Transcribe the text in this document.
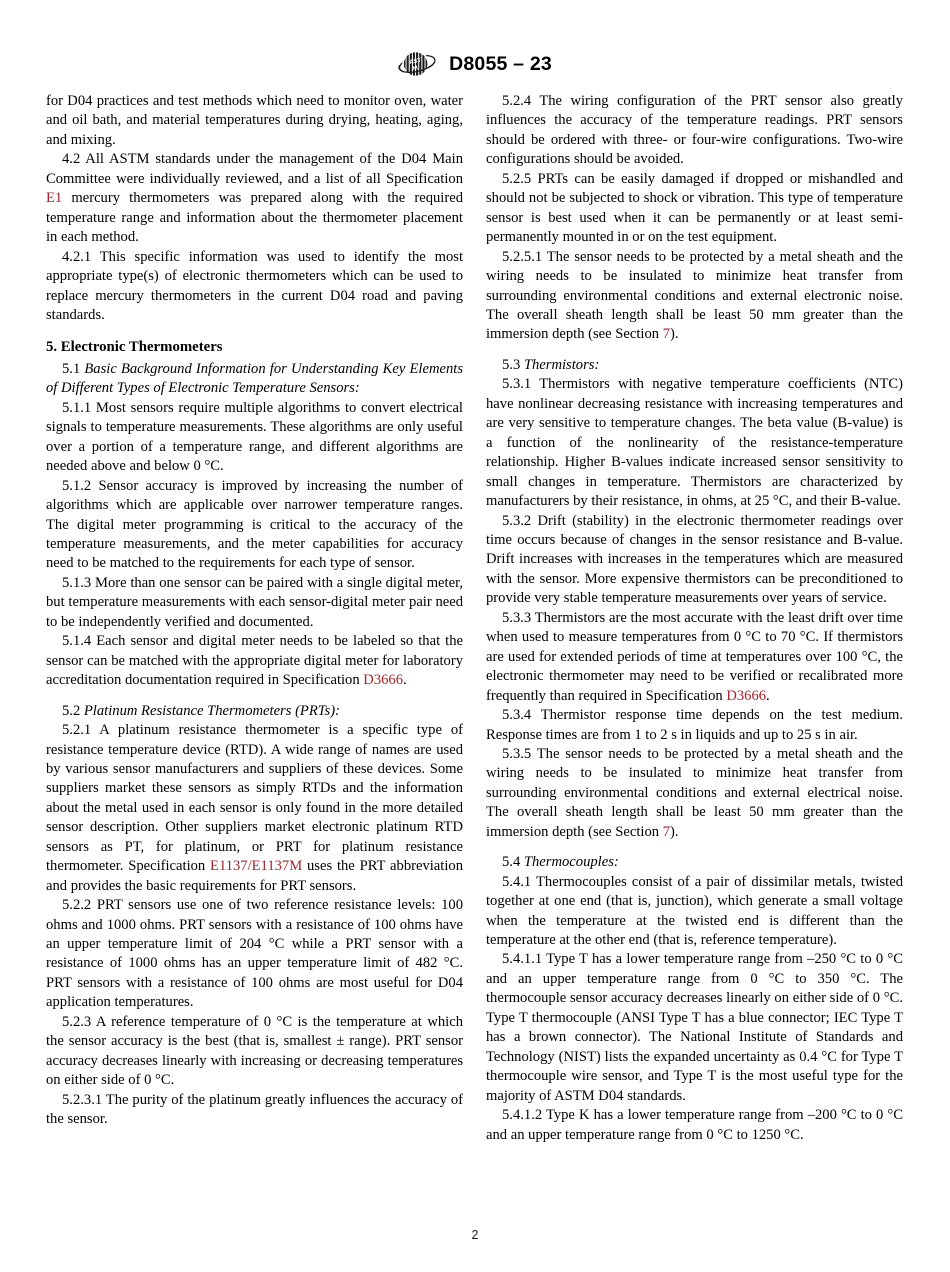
AST
M D8055 – 23

for D04 practices and test methods which need to monitor oven, water and oil bath, and material temperatures during drying, heating, aging, and mixing.

4.2 All ASTM standards under the management of the D04 Main Committee were individually reviewed, and a list of all Specification E1 mercury thermometers was prepared along with the required temperature range and information about the thermometer placement in each method.

4.2.1 This specific information was used to identify the most appropriate type(s) of electronic thermometers which can be used to replace mercury thermometers in the current D04 road and paving standards.

5. Electronic Thermometers

5.1 Basic Background Information for Understanding Key Elements of Different Types of Electronic Temperature Sensors:

5.1.1 Most sensors require multiple algorithms to convert electrical signals to temperature measurements. These algorithms are only useful over a portion of a temperature range, and different algorithms are needed above and below 0 °C.

5.1.2 Sensor accuracy is improved by increasing the number of algorithms which are applicable over narrower temperature ranges. The digital meter programming is critical to the accuracy of the temperature measurements, and the meter capabilities for accuracy need to be matched to the requirements for each type of sensor.

5.1.3 More than one sensor can be paired with a single digital meter, but temperature measurements with each sensor-digital meter pair need to be independently verified and documented.

5.1.4 Each sensor and digital meter needs to be labeled so that the sensor can be matched with the appropriate digital meter for laboratory accreditation documentation required in Specification D3666.

5.2 Platinum Resistance Thermometers (PRTs):

5.2.1 A platinum resistance thermometer is a specific type of resistance temperature device (RTD). A wide range of names are used by various sensor manufacturers and suppliers of these devices. Some suppliers market these sensors as simply RTDs and the information about the metal used in each sensor is only found in the more detailed sensor description. Other suppliers market electronic platinum RTD sensors as PT, for platinum, or PRT for platinum resistance thermometer. Specification E1137/E1137M uses the PRT abbreviation and provides the basic requirements for PRT sensors.

5.2.2 PRT sensors use one of two reference resistance levels: 100 ohms and 1000 ohms. PRT sensors with a resistance of 100 ohms have an upper temperature limit of 204 °C while a PRT sensor with a resistance of 1000 ohms has an upper temperature limit of 482 °C. PRT sensors with a resistance of 100 ohms are most useful for D04 application temperatures.

5.2.3 A reference temperature of 0 °C is the temperature at which the sensor accuracy is the best (that is, smallest ± range). PRT sensor accuracy decreases linearly with increasing or decreasing temperatures on either side of 0 °C.

5.2.3.1 The purity of the platinum greatly influences the accuracy of the sensor.

5.2.4 The wiring configuration of the PRT sensor also greatly influences the accuracy of the temperature readings. PRT sensors should be ordered with three- or four-wire configurations. Two-wire configurations should be avoided.

5.2.5 PRTs can be easily damaged if dropped or mishandled and should not be subjected to shock or vibration. This type of temperature sensor is best used when it can be permanently or at least semi-permanently mounted in or on the test equipment.

5.2.5.1 The sensor needs to be protected by a metal sheath and the wiring needs to be insulated to minimize heat transfer from surrounding environmental conditions and external electronic noise. The overall sheath length shall be least 50 mm greater than the immersion depth (see Section 7).

5.3 Thermistors:

5.3.1 Thermistors with negative temperature coefficients (NTC) have nonlinear decreasing resistance with increasing temperatures and are very sensitive to temperature changes. The beta value (B-value) is a function of the nonlinearity of the resistance-temperature relationship. Higher B-values indicate increased sensor sensitivity to small changes in temperature. Thermistors are characterized by manufacturers by their resistance, in ohms, at 25 °C, and their B-value.

5.3.2 Drift (stability) in the electronic thermometer readings over time occurs because of changes in the sensor resistance and B-value. Drift increases with increases in the temperatures which are measured with the sensor. More expensive thermistors can be preconditioned to provide very stable temperature measurements over years of service.

5.3.3 Thermistors are the most accurate with the least drift over time when used to measure temperatures from 0 °C to 70 °C. If thermistors are used for extended periods of time at temperatures over 100 °C, the electronic thermometer may need to be verified or recalibrated more frequently than required in Specification D3666.

5.3.4 Thermistor response time depends on the test medium. Response times are from 1 to 2 s in liquids and up to 25 s in air.

5.3.5 The sensor needs to be protected by a metal sheath and the wiring needs to be insulated to minimize heat transfer from surrounding environmental conditions and external electrical noise. The overall sheath length shall be least 50 mm greater than the immersion depth (see Section 7).

5.4 Thermocouples:

5.4.1 Thermocouples consist of a pair of dissimilar metals, twisted together at one end (that is, junction), which generate a small voltage when the temperature at the twisted end is different than the temperature at the other end (that is, reference temperature).

5.4.1.1 Type T has a lower temperature range from –250 °C to 0 °C and an upper temperature range from 0 °C to 350 °C. The thermocouple sensor accuracy decreases linearly on either side of 0 °C. Type T thermocouple (ANSI Type T has a blue connector; IEC Type T has a brown connector). The National Institute of Standards and Technology (NIST) lists the expanded uncertainty as 0.4 °C for Type T thermocouple wire sensor, and Type T is the most useful type for the majority of ASTM D04 standards.

5.4.1.2 Type K has a lower temperature range from –200 °C to 0 °C and an upper temperature range from 0 °C to 1250 °C.

2
